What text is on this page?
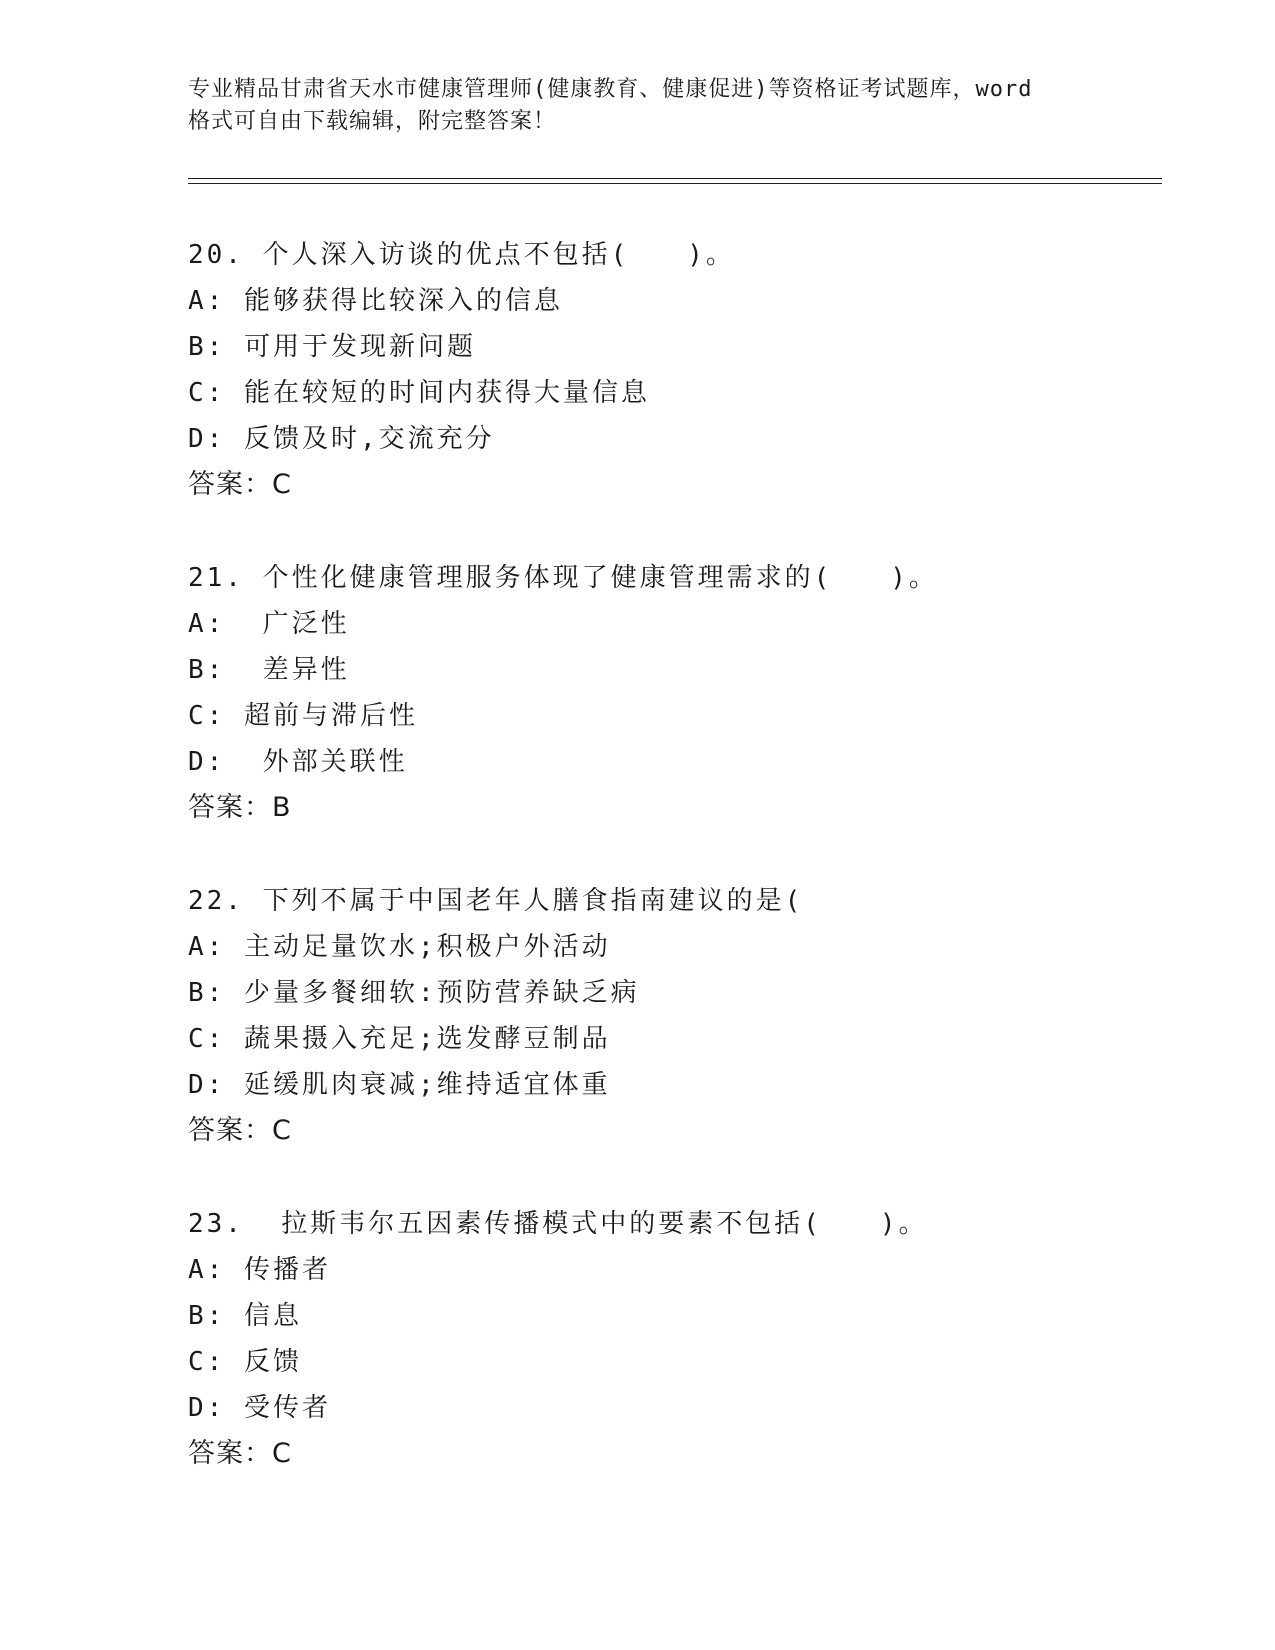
专业精品甘肃省天水市健康管理师(健康教育、健康促进)等资格证考试题库，word
格式可自由下载编辑，附完整答案！
20. 个人深入访谈的优点不包括(　　)。
A: 能够获得比较深入的信息
B: 可用于发现新问题
C: 能在较短的时间内获得大量信息
D: 反馈及时,交流充分
答案：C
21. 个性化健康管理服务体现了健康管理需求的(　　)。
A:  广泛性
B:  差异性
C: 超前与滞后性
D:  外部关联性
答案：B
22. 下列不属于中国老年人膳食指南建议的是(
A: 主动足量饮水;积极户外活动
B: 少量多餐细软:预防营养缺乏病
C: 蔬果摄入充足;选发酵豆制品
D: 延缓肌肉衰减;维持适宜体重
答案：C
23.  拉斯韦尔五因素传播模式中的要素不包括(　　)。
A: 传播者
B: 信息
C: 反馈
D: 受传者
答案：C
